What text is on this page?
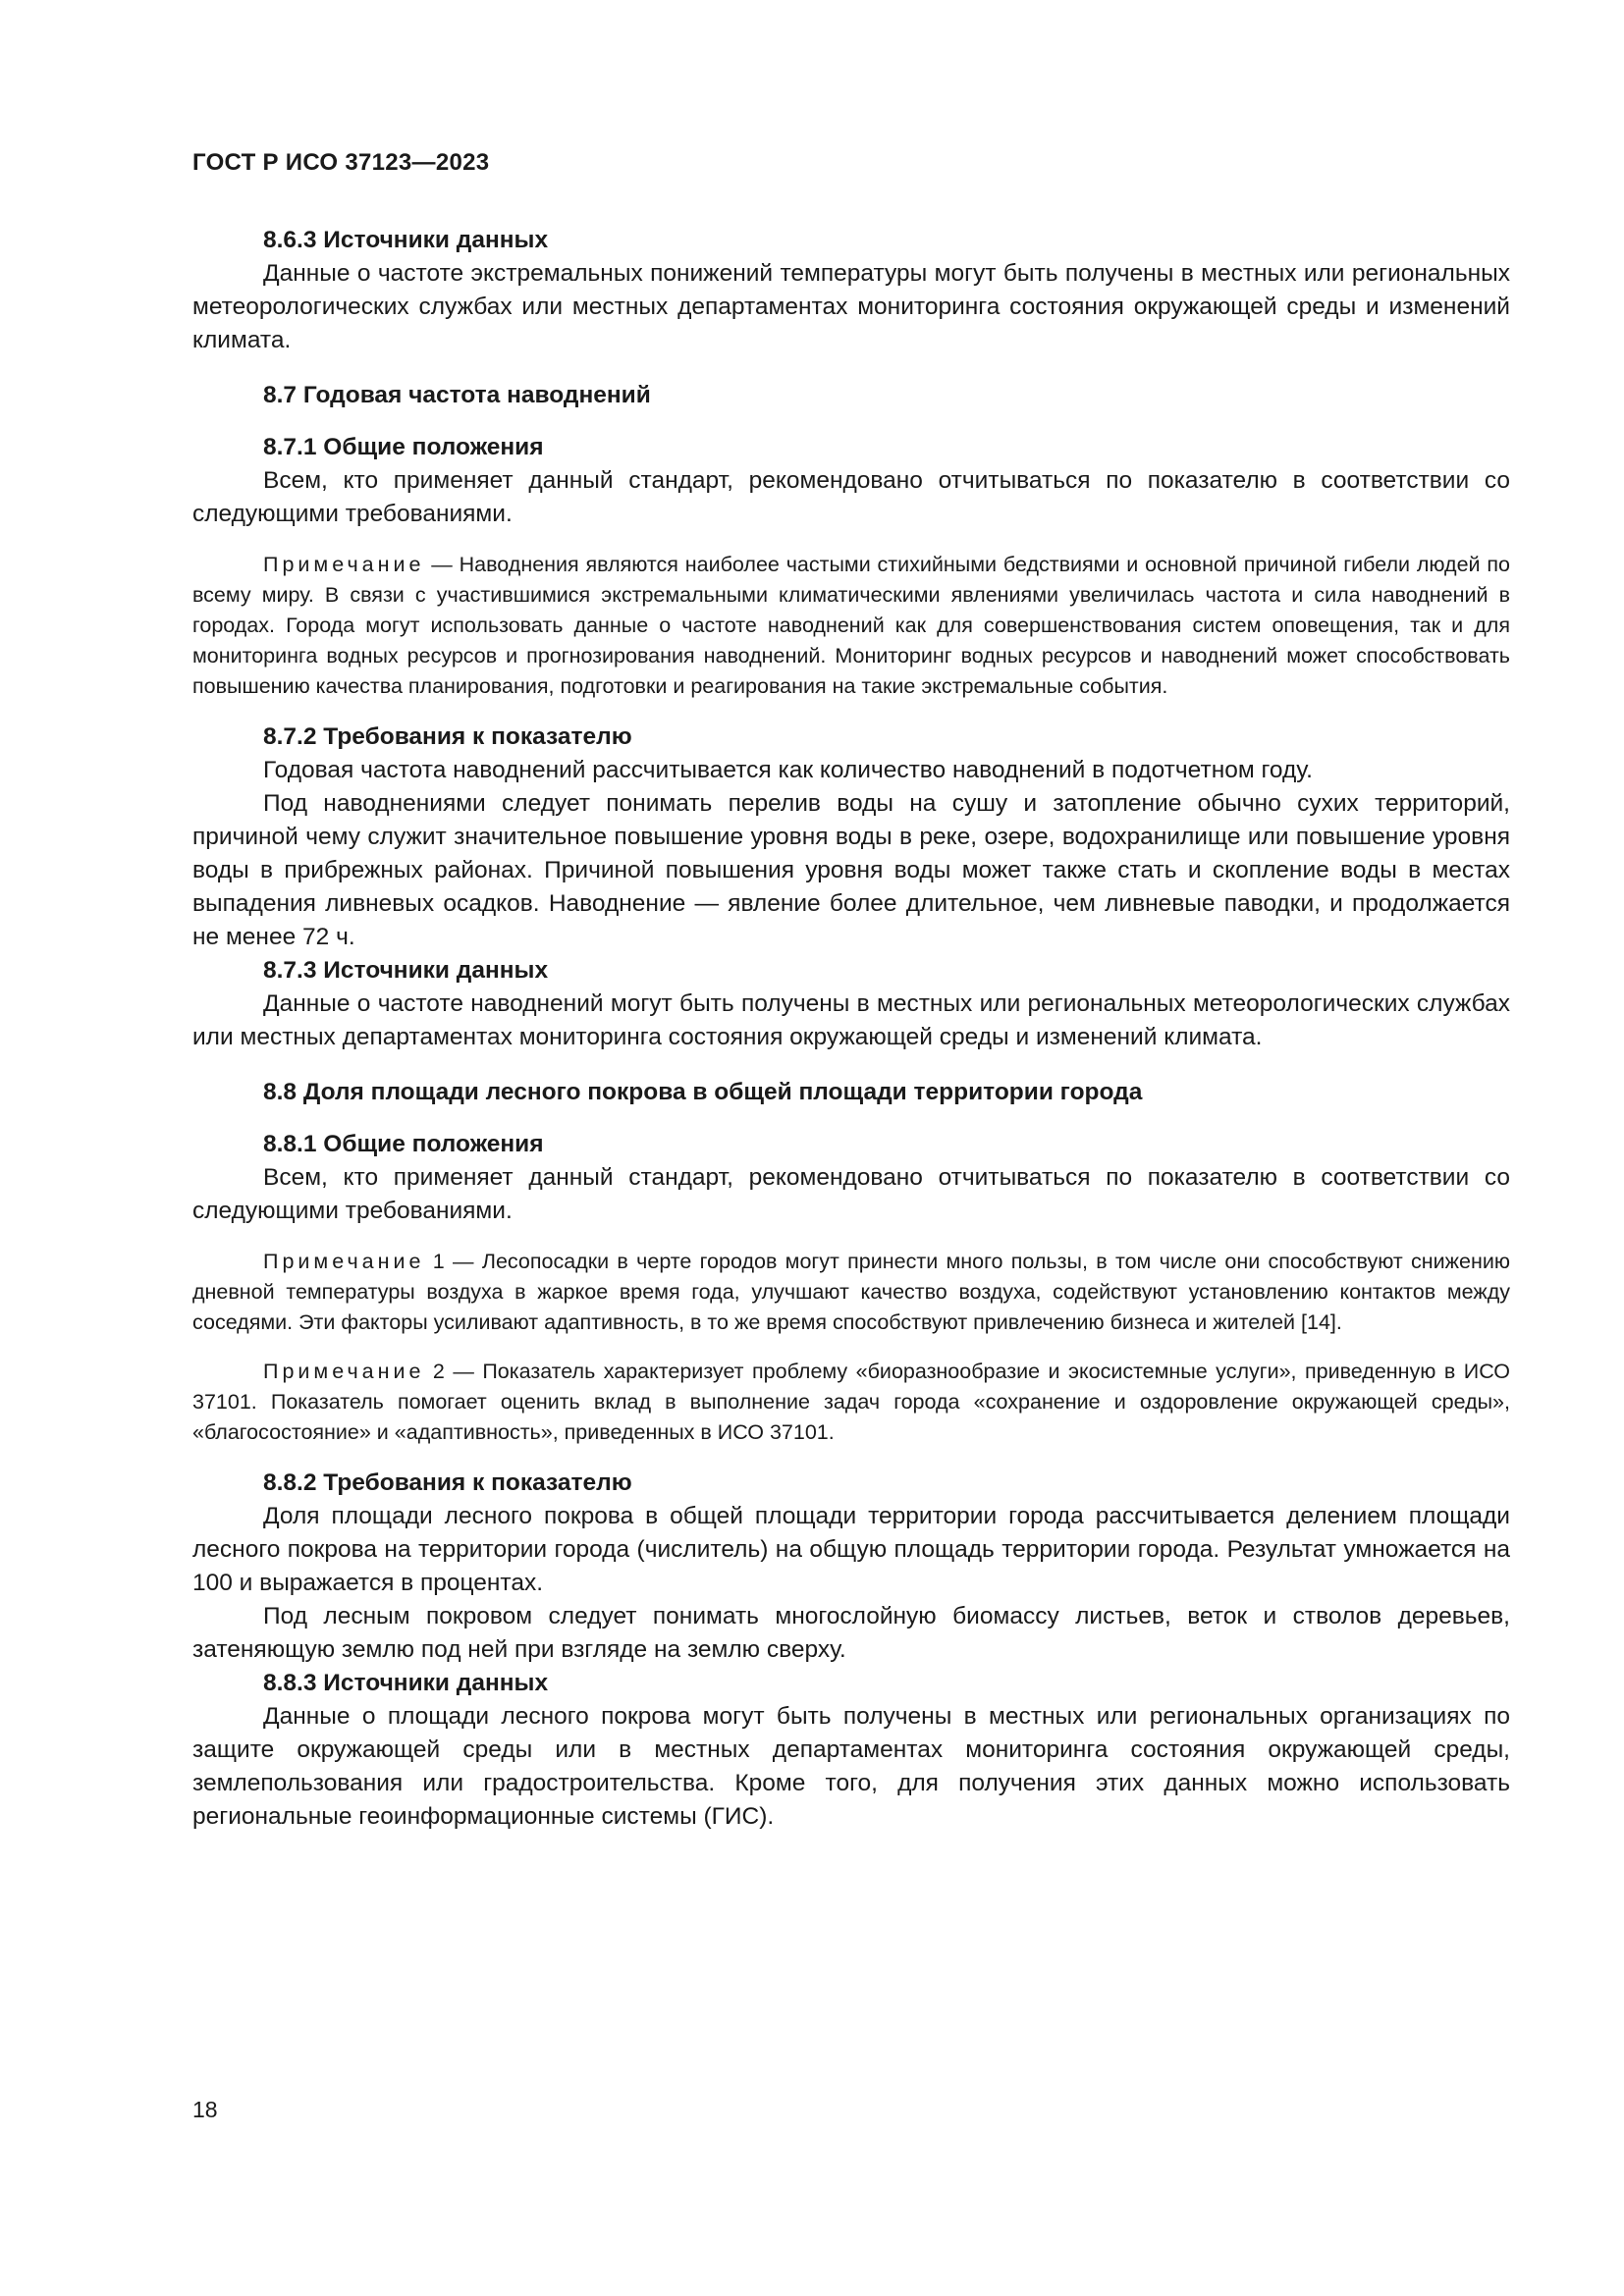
ГОСТ Р ИСО 37123—2023

8.6.3 Источники данных

Данные о частоте экстремальных понижений температуры могут быть получены в местных или региональных метеорологических службах или местных департаментах мониторинга состояния окружающей среды и изменений климата.

8.7 Годовая частота наводнений

8.7.1 Общие положения

Всем, кто применяет данный стандарт, рекомендовано отчитываться по показателю в соответствии со следующими требованиями.

Примечание — Наводнения являются наиболее частыми стихийными бедствиями и основной причиной гибели людей по всему миру. В связи с участившимися экстремальными климатическими явлениями увеличилась частота и сила наводнений в городах. Города могут использовать данные о частоте наводнений как для совершенствования систем оповещения, так и для мониторинга водных ресурсов и прогнозирования наводнений. Мониторинг водных ресурсов и наводнений может способствовать повышению качества планирования, подготовки и реагирования на такие экстремальные события.

8.7.2 Требования к показателю

Годовая частота наводнений рассчитывается как количество наводнений в подотчетном году.

Под наводнениями следует понимать перелив воды на сушу и затопление обычно сухих территорий, причиной чему служит значительное повышение уровня воды в реке, озере, водохранилище или повышение уровня воды в прибрежных районах. Причиной повышения уровня воды может также стать и скопление воды в местах выпадения ливневых осадков. Наводнение — явление более длительное, чем ливневые паводки, и продолжается не менее 72 ч.

8.7.3 Источники данных

Данные о частоте наводнений могут быть получены в местных или региональных метеорологических службах или местных департаментах мониторинга состояния окружающей среды и изменений климата.

8.8 Доля площади лесного покрова в общей площади территории города

8.8.1 Общие положения

Всем, кто применяет данный стандарт, рекомендовано отчитываться по показателю в соответствии со следующими требованиями.

Примечание 1 — Лесопосадки в черте городов могут принести много пользы, в том числе они способствуют снижению дневной температуры воздуха в жаркое время года, улучшают качество воздуха, содействуют установлению контактов между соседями. Эти факторы усиливают адаптивность, в то же время способствуют привлечению бизнеса и жителей [14].

Примечание 2 — Показатель характеризует проблему «биоразнообразие и экосистемные услуги», приведенную в ИСО 37101. Показатель помогает оценить вклад в выполнение задач города «сохранение и оздоровление окружающей среды», «благосостояние» и «адаптивность», приведенных в ИСО 37101.

8.8.2 Требования к показателю

Доля площади лесного покрова в общей площади территории города рассчитывается делением площади лесного покрова на территории города (числитель) на общую площадь территории города. Результат умножается на 100 и выражается в процентах.

Под лесным покровом следует понимать многослойную биомассу листьев, веток и стволов деревьев, затеняющую землю под ней при взгляде на землю сверху.

8.8.3 Источники данных

Данные о площади лесного покрова могут быть получены в местных или региональных организациях по защите окружающей среды или в местных департаментах мониторинга состояния окружающей среды, землепользования или градостроительства. Кроме того, для получения этих данных можно использовать региональные геоинформационные системы (ГИС).

18
